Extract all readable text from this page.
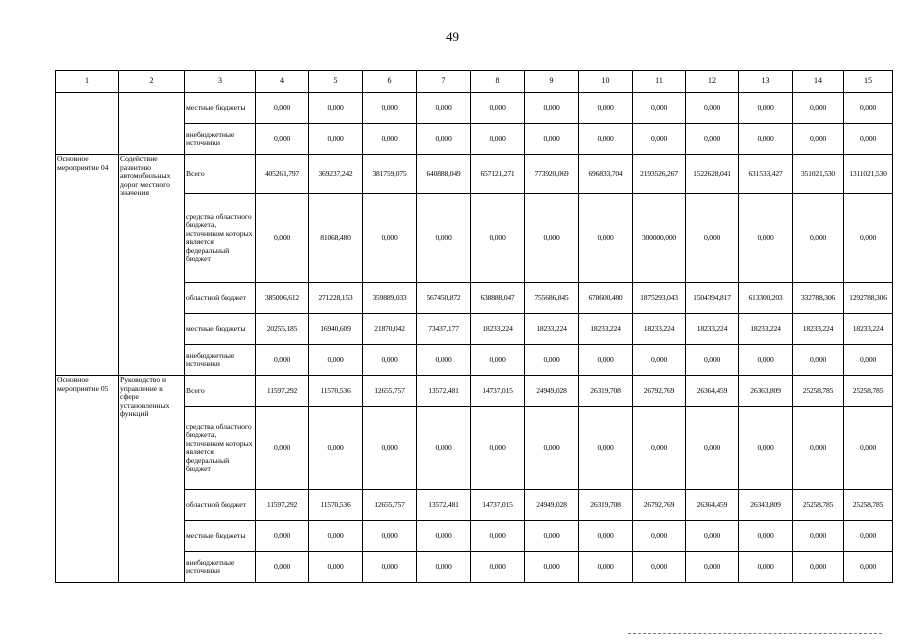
49
1	2	3	4	5	6	7	8	9	10	11	12	13	14	15
		местные бюджеты	0,000	0,000	0,000	0,000	0,000	0,000	0,000	0,000	0,000	0,000	0,000	0,000
		внебюджетные источники	0,000	0,000	0,000	0,000	0,000	0,000	0,000	0,000	0,000	0,000	0,000	0,000
Основное мероприятие 04	Содействие развитию автомобильных дорог местного значения	Всего	405261,797	369237,242	381759,075	640888,049	657121,271	773920,069	696833,704	2193526,267	1522628,041	631533,427	351021,530	1311021,530
		средства областного бюджета, источником которых является федеральный бюджет	0,000	81068,480	0,000	0,000	0,000	0,000	0,000	300000,000	0,000	0,000	0,000	0,000
		областной бюджет	385006,612	271228,153	359889,033	567450,872	638888,047	755686,845	678600,480	1875293,043	1504394,817	613300,203	332788,306	1292788,306
		местные бюджеты	20255,185	16940,609	21870,042	73437,177	18233,224	18233,224	18233,224	18233,224	18233,224	18233,224	18233,224	18233,224
		внебюджетные источники	0,000	0,000	0,000	0,000	0,000	0,000	0,000	0,000	0,000	0,000	0,000	0,000
Основное мероприятие 05	Руководство и управление в сфере установленных функций	Всего	11597,292	11570,536	12655,757	13572,481	14737,015	24949,028	26319,708	26792,769	26364,459	26363,809	25258,785	25258,785
		средства областного бюджета, источником которых является федеральный бюджет	0,000	0,000	0,000	0,000	0,000	0,000	0,000	0,000	0,000	0,000	0,000	0,000
		областной бюджет	11597,292	11570,536	12655,757	13572,481	14737,015	24949,028	26319,708	26792,769	26364,459	26343,809	25258,785	25258,785
		местные бюджеты	0,000	0,000	0,000	0,000	0,000	0,000	0,000	0,000	0,000	0,000	0,000	0,000
		внебюджетные источники	0,000	0,000	0,000	0,000	0,000	0,000	0,000	0,000	0,000	0,000	0,000	0,000
